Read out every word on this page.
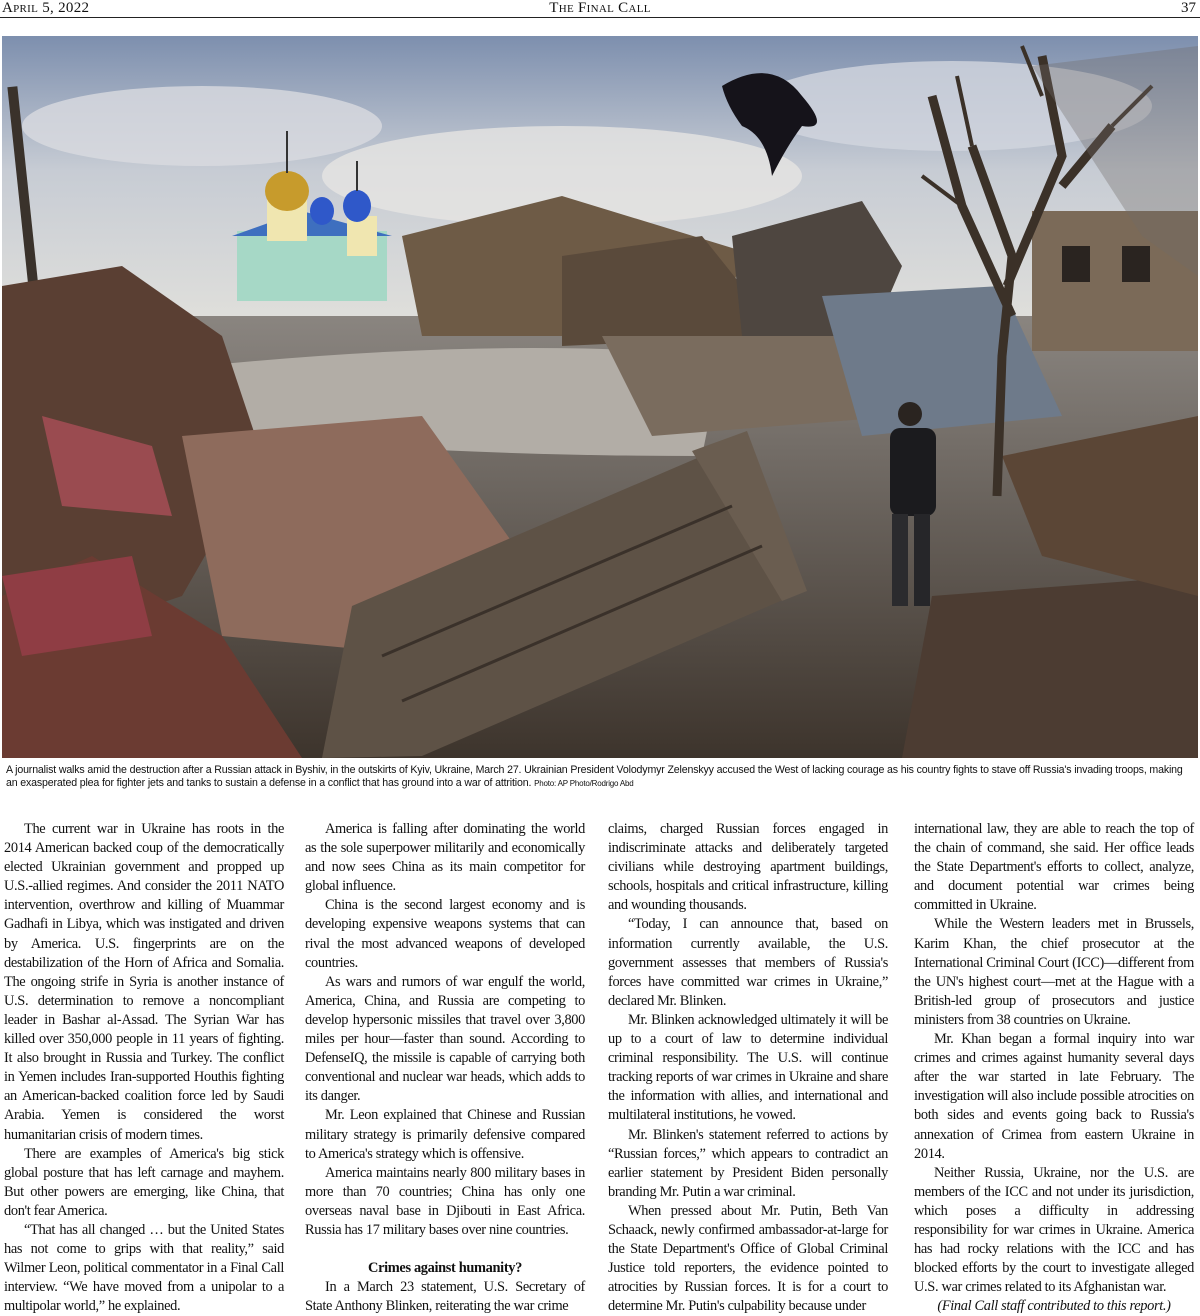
April 5, 2022	The Final Call	37
A journalist walks amid the destruction after a Russian attack in Byshiv, in the outskirts of Kyiv, Ukraine, March 27. Ukrainian President Volodymyr Zelenskyy accused the West of lacking courage as his country fights to stave off Russia's invading troops, making an exasperated plea for fighter jets and tanks to sustain a defense in a conflict that has ground into a war of attrition. Photo: AP Photo/Rodrigo Abd

The current war in Ukraine has roots in the 2014 American backed coup of the democratically elected Ukrainian government and propped up U.S.-allied regimes. And consider the 2011 NATO intervention, overthrow and killing of Muammar Gadhafi in Libya, which was instigated and driven by America. U.S. fingerprints are on the destabilization of the Horn of Africa and Somalia. The ongoing strife in Syria is another instance of U.S. determination to remove a noncompliant leader in Bashar al-Assad. The Syrian War has killed over 350,000 people in 11 years of fighting. It also brought in Russia and Turkey. The conflict in Yemen includes Iran-supported Houthis fighting an American-backed coalition force led by Saudi Arabia. Yemen is considered the worst humanitarian crisis of modern times.

There are examples of America's big stick global posture that has left carnage and mayhem. But other powers are emerging, like China, that don't fear America.

“That has all changed … but the United States has not come to grips with that reality,” said Wilmer Leon, political commentator in a Final Call interview. “We have moved from a unipolar to a multipolar world,” he explained.

America is falling after dominating the world as the sole superpower militarily and economically and now sees China as its main competitor for global influence.

China is the second largest economy and is developing expensive weapons systems that can rival the most advanced weapons of developed countries.

As wars and rumors of war engulf the world, America, China, and Russia are competing to develop hypersonic missiles that travel over 3,800 miles per hour—faster than sound. According to DefenseIQ, the missile is capable of carrying both conventional and nuclear war heads, which adds to its danger.

Mr. Leon explained that Chinese and Russian military strategy is primarily defensive compared to America's strategy which is offensive.

America maintains nearly 800 military bases in more than 70 countries; China has only one overseas naval base in Djibouti in East Africa. Russia has 17 military bases over nine countries.

Crimes against humanity?

In a March 23 statement, U.S. Secretary of State Anthony Blinken, reiterating the war crime

claims, charged Russian forces engaged in indiscriminate attacks and deliberately targeted civilians while destroying apartment buildings, schools, hospitals and critical infrastructure, killing and wounding thousands.

“Today, I can announce that, based on information currently available, the U.S. government assesses that members of Russia's forces have committed war crimes in Ukraine,” declared Mr. Blinken.

Mr. Blinken acknowledged ultimately it will be up to a court of law to determine individual criminal responsibility. The U.S. will continue tracking reports of war crimes in Ukraine and share the information with allies, and international and multilateral institutions, he vowed.

Mr. Blinken's statement referred to actions by “Russian forces,” which appears to contradict an earlier statement by President Biden personally branding Mr. Putin a war criminal.

When pressed about Mr. Putin, Beth Van Schaack, newly confirmed ambassador-at-large for the State Department's Office of Global Criminal Justice told reporters, the evidence pointed to atrocities by Russian forces. It is for a court to determine Mr. Putin's culpability because under

international law, they are able to reach the top of the chain of command, she said. Her office leads the State Department's efforts to collect, analyze, and document potential war crimes being committed in Ukraine.

While the Western leaders met in Brussels, Karim Khan, the chief prosecutor at the International Criminal Court (ICC)—different from the UN's highest court—met at the Hague with a British-led group of prosecutors and justice ministers from 38 countries on Ukraine.

Mr. Khan began a formal inquiry into war crimes and crimes against humanity several days after the war started in late February. The investigation will also include possible atrocities on both sides and events going back to Russia's annexation of Crimea from eastern Ukraine in 2014.

Neither Russia, Ukraine, nor the U.S. are members of the ICC and not under its jurisdiction, which poses a difficulty in addressing responsibility for war crimes in Ukraine. America has had rocky relations with the ICC and has blocked efforts by the court to investigate alleged U.S. war crimes related to its Afghanistan war.

(Final Call staff contributed to this report.)
